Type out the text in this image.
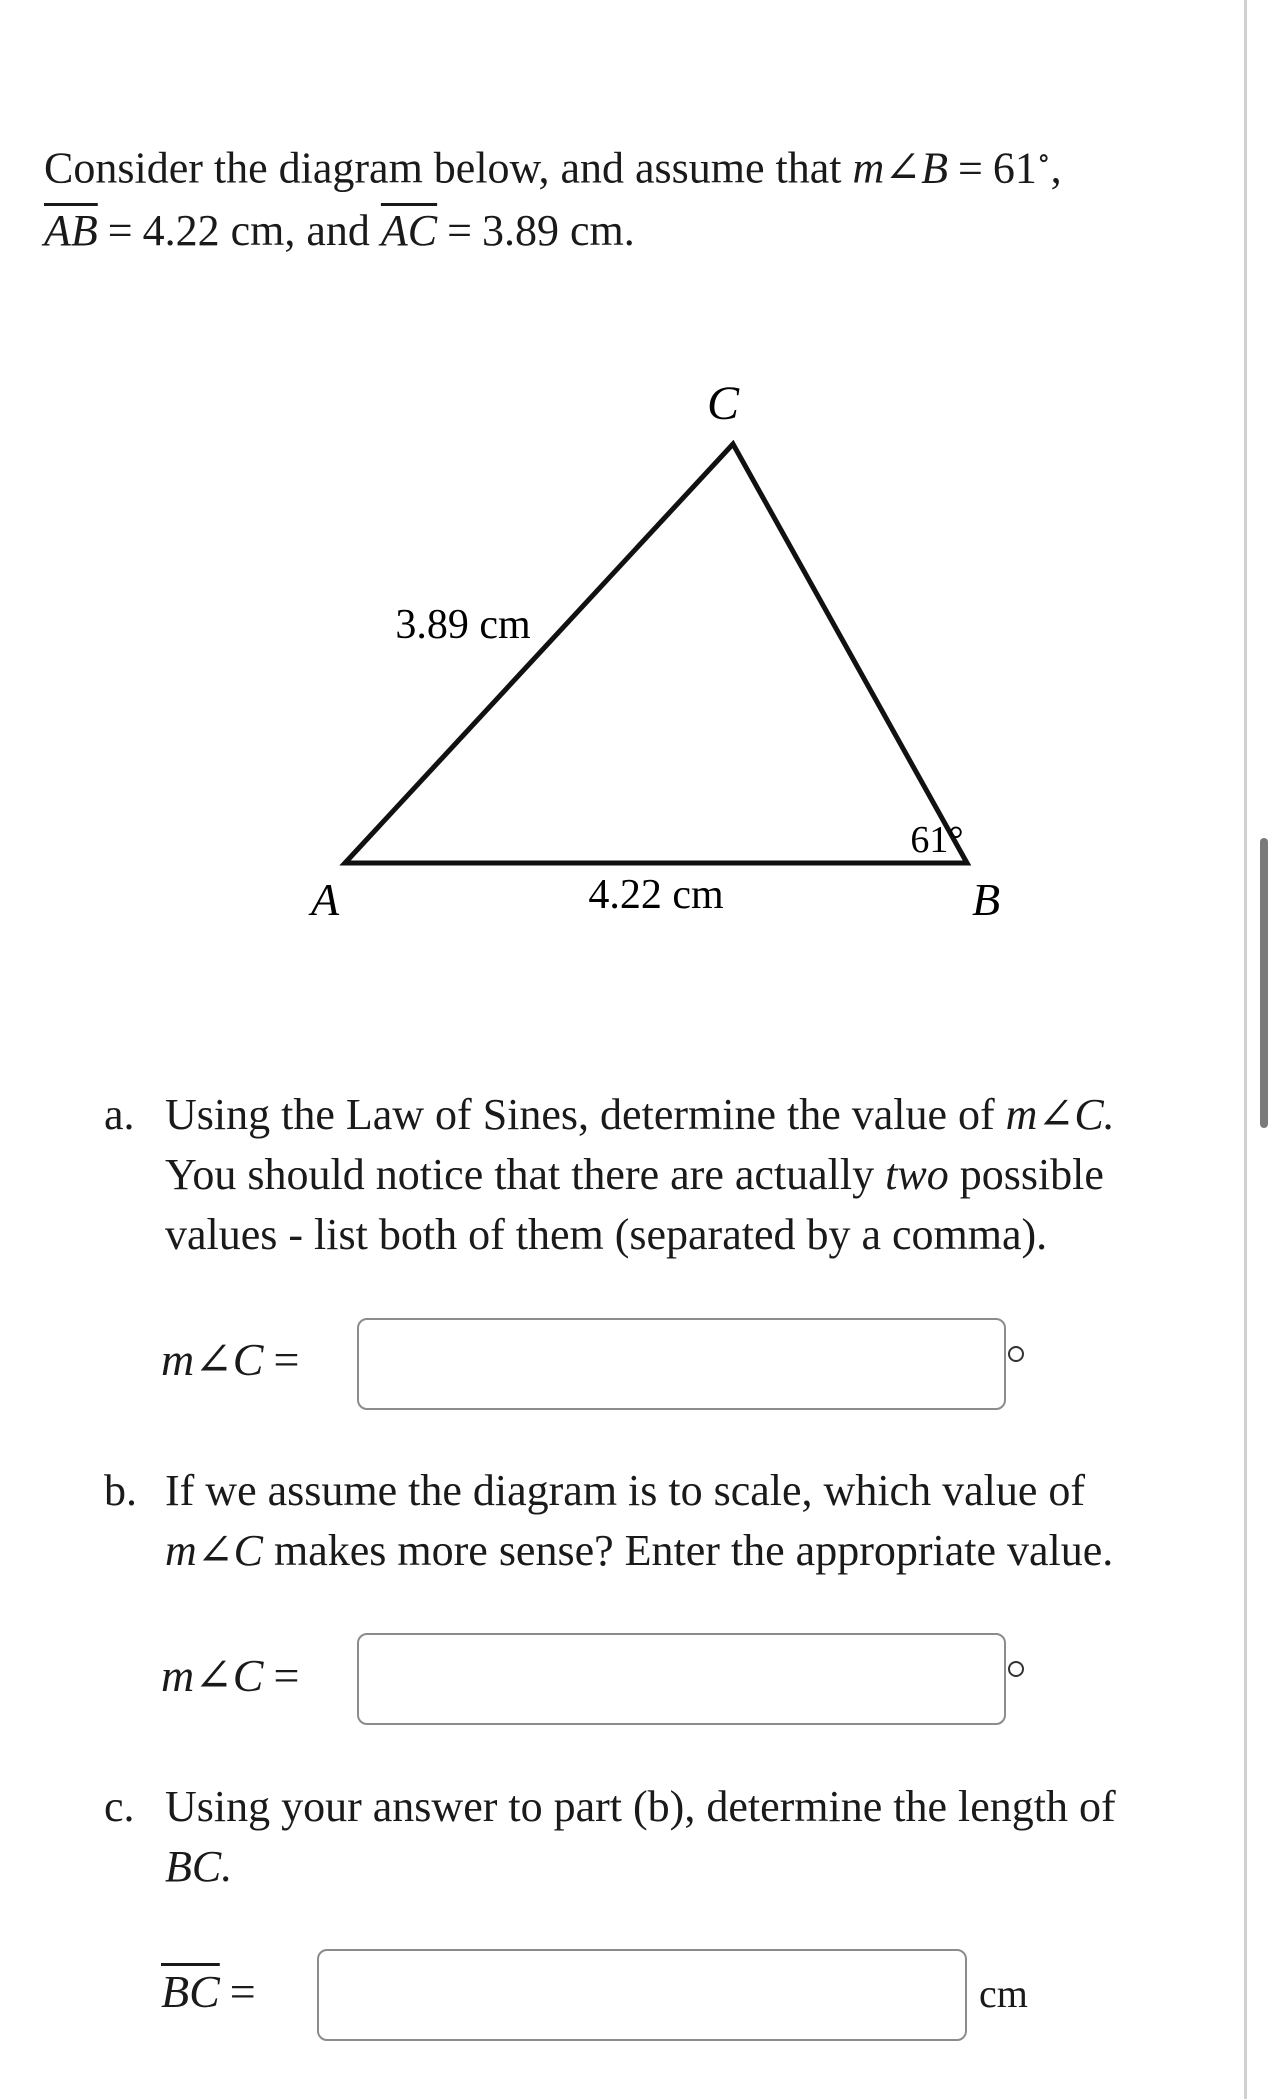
Consider the diagram below, and assume that m∠B = 61∘,
$\overline{AB} = 4.22$ cm, and $\overline{AC} = 3.89$ cm.
C
A	B
3.89 cm
4.22 cm
61°
a. Using the Law of Sines, determine the value of m∠C.
You should notice that there are actually two possible
values - list both of them (separated by a comma).
m∠C =
b. If we assume the diagram is to scale, which value of
m∠C makes more sense? Enter the appropriate value.
m∠C =
c. Using your answer to part (b), determine the length of
BC.
$\overline{BC}$ =	cm
